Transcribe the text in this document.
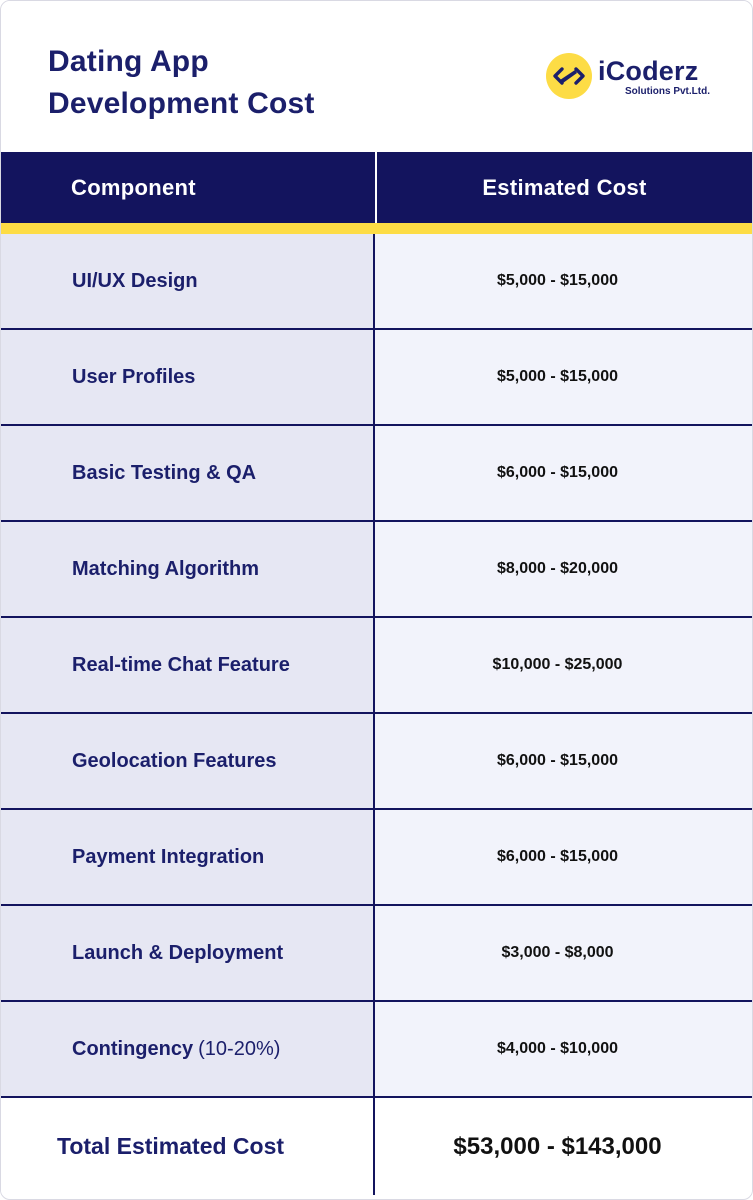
Dating App
Development Cost
iCoderz
Solutions Pvt.Ltd.
Component	Estimated Cost
UI/UX Design	$5,000 - $15,000
User Profiles	$5,000 - $15,000
Basic Testing & QA	$6,000 - $15,000
Matching Algorithm	$8,000 - $20,000
Real-time Chat Feature	$10,000 - $25,000
Geolocation Features	$6,000 - $15,000
Payment Integration	$6,000 - $15,000
Launch & Deployment	$3,000 - $8,000
Contingency (10-20%)	$4,000 - $10,000
Total Estimated Cost	$53,000 - $143,000
